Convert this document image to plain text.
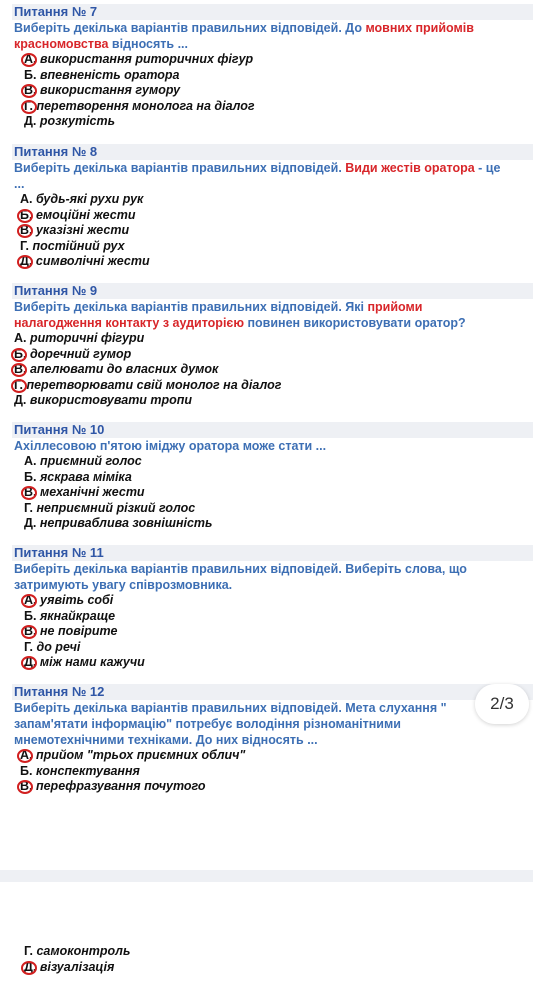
Питання № 7
Виберіть декілька варіантів правильних відповідей. До мовних прийомів
красномовства відносять ...
А. використання риторичних фігур
Б. впевненість оратора
В. використання гумору
Г. перетворення монолога на діалог
Д. розкутість
Питання № 8
Виберіть декілька варіантів правильних відповідей. Види жестів оратора - це
...
А. будь-які рухи рук
Б. емоційні жести
В. указізні жести
Г. постійний рух
Д. символічні жести
Питання № 9
Виберіть декілька варіантів правильних відповідей. Які прийоми
налагодження контакту з аудиторією повинен використовувати оратор?
А. риторичні фігури
Б. доречний гумор
В. апелювати до власних думок
Г. перетворювати свій монолог на діалог
Д. використовувати тропи
Питання № 10
Ахіллесовою п'ятою іміджу оратора може стати ...
А. приємний голос
Б. яскрава міміка
В. механічні жести
Г. неприємний різкий голос
Д. неприваблива зовнішність
Питання № 11
Виберіть декілька варіантів правильних відповідей. Виберіть слова, що
затримують увагу співрозмовника.
А. уявіть собі
Б. якнайкраще
В. не повірите
Г. до речі
Д. між нами кажучи
Питання № 12
Виберіть декілька варіантів правильних відповідей. Мета слухання "
запам'ятати інформацію" потребує володіння різноманітними
мнемотехнічними техніками. До них відносять ...
А. прийом "трьох приємних облич"
Б. конспектування
В. перефразування почутого
Г. самоконтроль
Д. візуалізація
2/3
